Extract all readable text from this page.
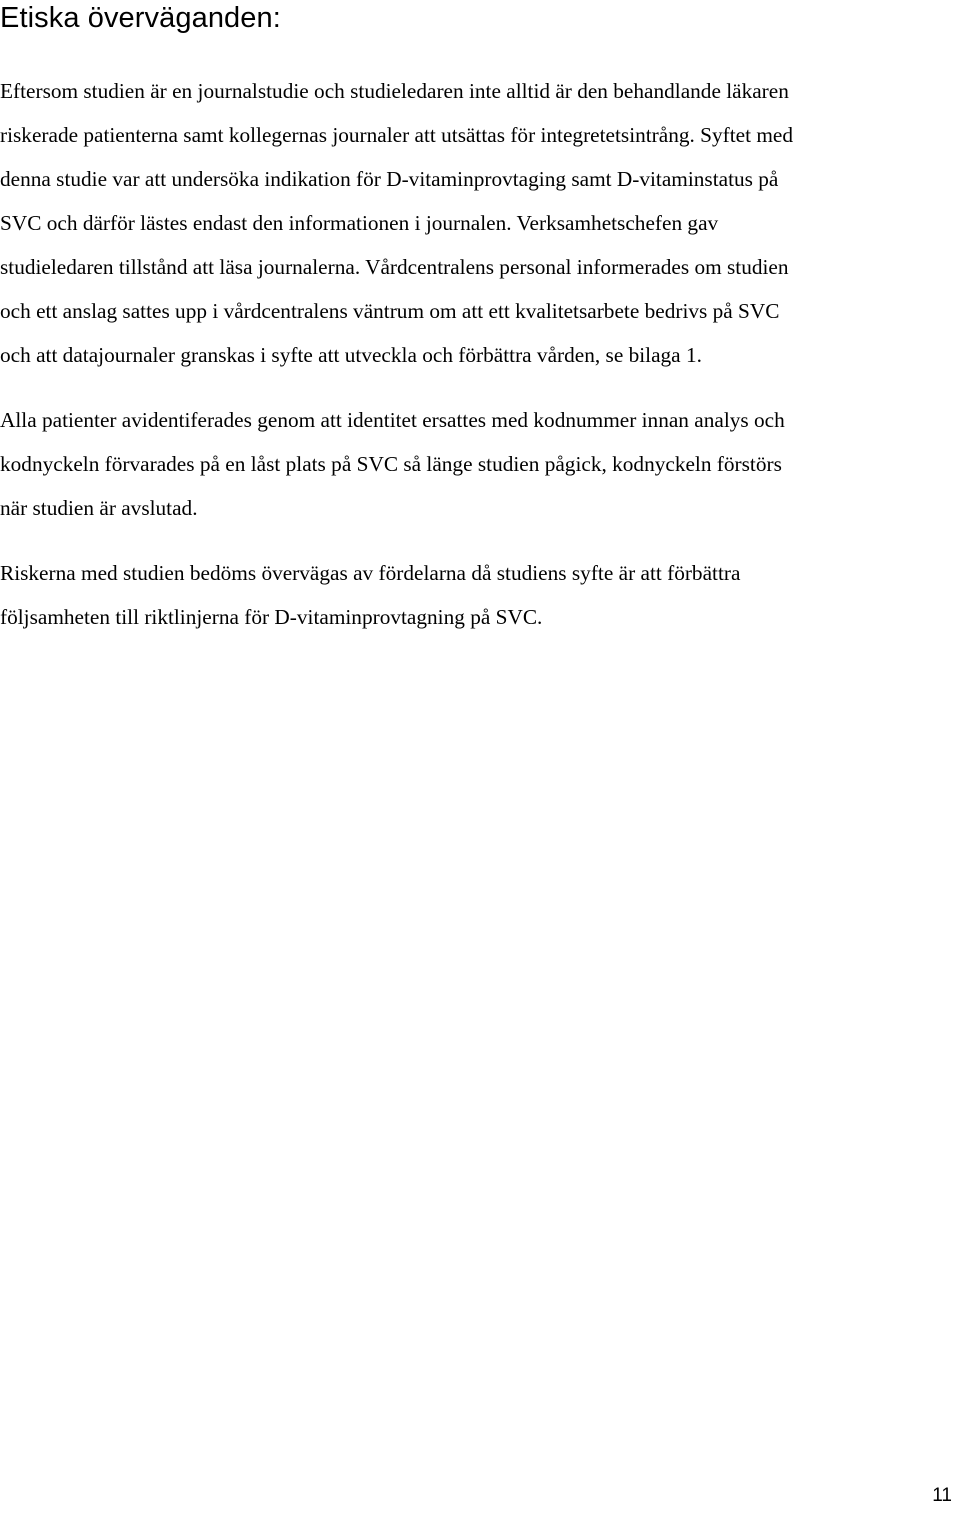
Etiska överväganden:

Eftersom studien är en journalstudie och studieledaren inte alltid är den behandlande läkaren
riskerade patienterna samt kollegernas journaler att utsättas för integretetsintrång. Syftet med
denna studie var att undersöka indikation för D-vitaminprovtaging samt D-vitaminstatus på
SVC och därför lästes endast den informationen i journalen. Verksamhetschefen gav
studieledaren tillstånd att läsa journalerna. Vårdcentralens personal informerades om studien
och ett anslag sattes upp i vårdcentralens väntrum om att ett kvalitetsarbete bedrivs på SVC
och att datajournaler granskas i syfte att utveckla och förbättra vården, se bilaga 1.

Alla patienter avidentiferades genom att identitet ersattes med kodnummer innan analys och
kodnyckeln förvarades på en låst plats på SVC så länge studien pågick, kodnyckeln förstörs
när studien är avslutad.

Riskerna med studien bedöms övervägas av fördelarna då studiens syfte är att förbättra
följsamheten till riktlinjerna för D-vitaminprovtagning på SVC.

11
